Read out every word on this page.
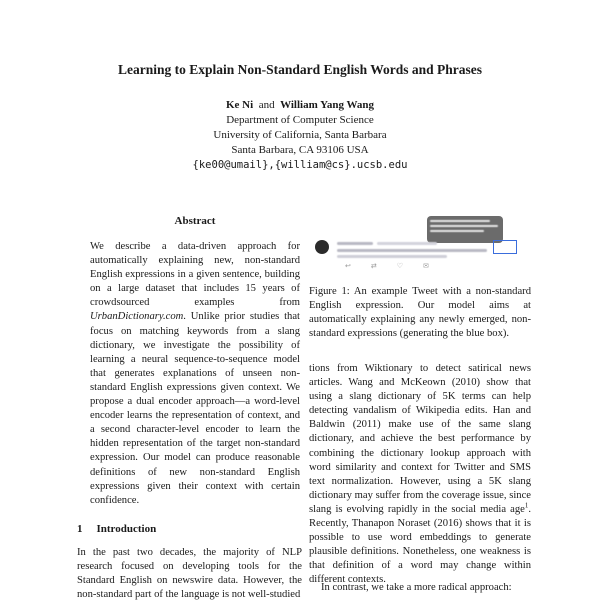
Learning to Explain Non-Standard English Words and Phrases
Ke Ni and William Yang Wang
Department of Computer Science
University of California, Santa Barbara
Santa Barbara, CA 93106 USA
{ke00@umail},{william@cs}.ucsb.edu
Abstract

We describe a data-driven approach for automatically explaining new, non-standard English expressions in a given sentence, building on a large dataset that includes 15 years of crowdsourced examples from UrbanDictionary.com. Unlike prior studies that focus on matching keywords from a slang dictionary, we investigate the possibility of learning a neural sequence-to-sequence model that generates explanations of unseen non-standard English expressions given context. We propose a dual encoder approach—a word-level encoder learns the representation of context, and a second character-level encoder to learn the hidden representation of the target non-standard expression. Our model can produce reasonable definitions of new non-standard English expressions given their context with certain confidence.

1 Introduction

In the past two decades, the majority of NLP research focused on developing tools for the Standard English on newswire data. However, the non-standard part of the language is not well-studied

↩⇄♡✉
Figure 1: An example Tweet with a non-standard English expression. Our model aims at automatically explaining any newly emerged, non-standard expressions (generating the blue box).

tions from Wiktionary to detect satirical news articles. Wang and McKeown (2010) show that using a slang dictionary of 5K terms can help detecting vandalism of Wikipedia edits. Han and Baldwin (2011) make use of the same slang dictionary, and achieve the best performance by combining the dictionary lookup approach with word similarity and context for Twitter and SMS text normalization. However, using a 5K slang dictionary may suffer from the coverage issue, since slang is evolving rapidly in the social media age$^1$. Recently, Thanapon Noraset (2016) shows that it is possible to use word embeddings to generate plausible definitions. Nonetheless, one weakness is that definition of a word may change within different contexts.

In contrast, we take a more radical approach:
